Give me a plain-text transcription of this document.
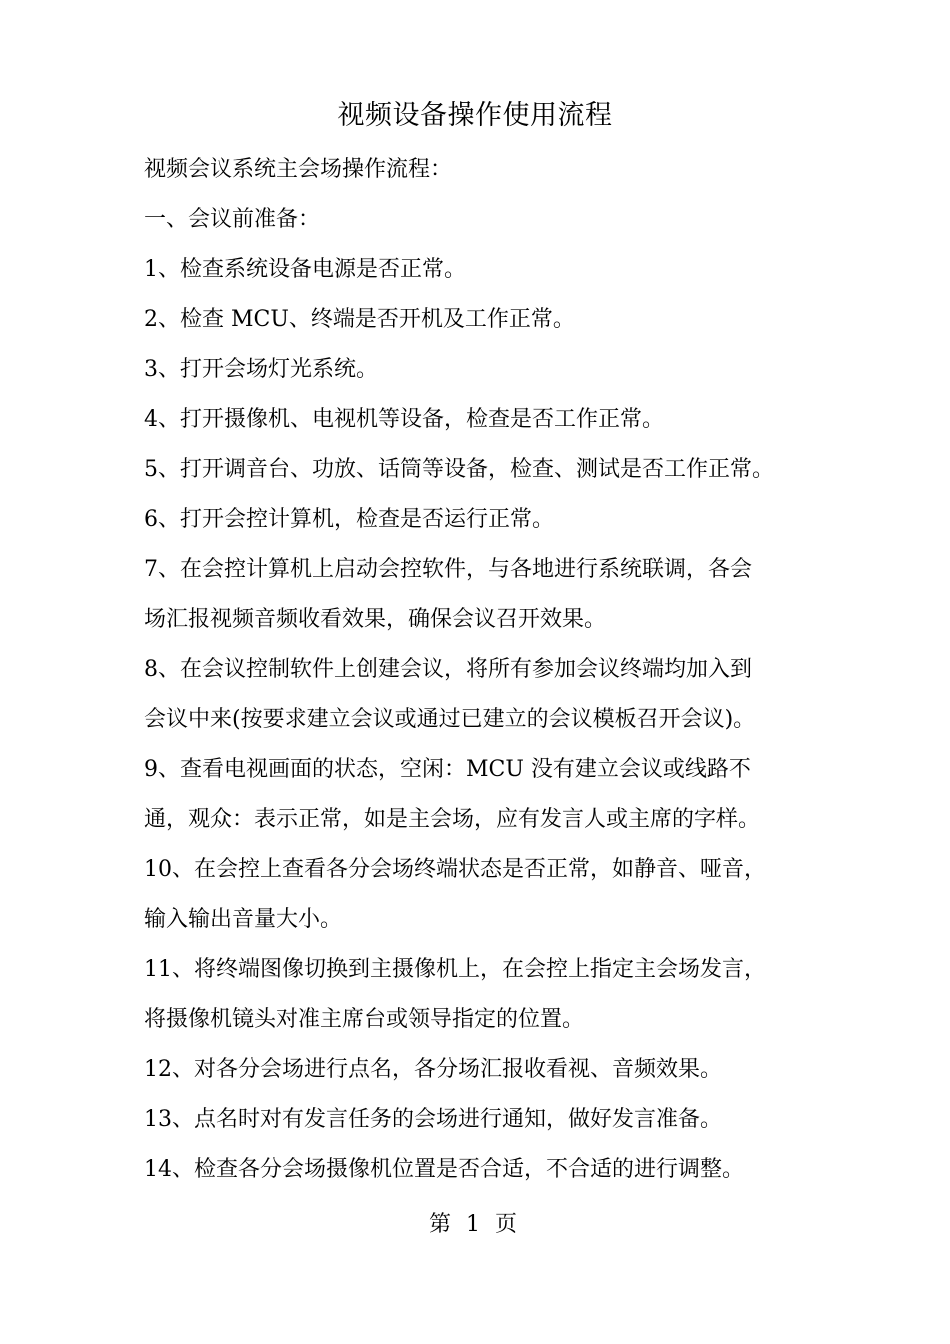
视频设备操作使用流程

视频会议系统主会场操作流程：

一、会议前准备：

1、检查系统设备电源是否正常。

2、检查 MCU、终端是否开机及工作正常。

3、打开会场灯光系统。

4、打开摄像机、电视机等设备，检查是否工作正常。

5、打开调音台、功放、话筒等设备，检查、测试是否工作正常。

6、打开会控计算机，检查是否运行正常。

7、在会控计算机上启动会控软件，与各地进行系统联调，各会

场汇报视频音频收看效果，确保会议召开效果。

8、在会议控制软件上创建会议，将所有参加会议终端均加入到

会议中来(按要求建立会议或通过已建立的会议模板召开会议)。

9、查看电视画面的状态，空闲：MCU 没有建立会议或线路不

通，观众：表示正常，如是主会场，应有发言人或主席的字样。

10、在会控上查看各分会场终端状态是否正常，如静音、哑音，

输入输出音量大小。

11、将终端图像切换到主摄像机上，在会控上指定主会场发言，

将摄像机镜头对准主席台或领导指定的位置。

12、对各分会场进行点名，各分场汇报收看视、音频效果。

13、点名时对有发言任务的会场进行通知，做好发言准备。

14、检查各分会场摄像机位置是否合适，不合适的进行调整。

第 1 页
